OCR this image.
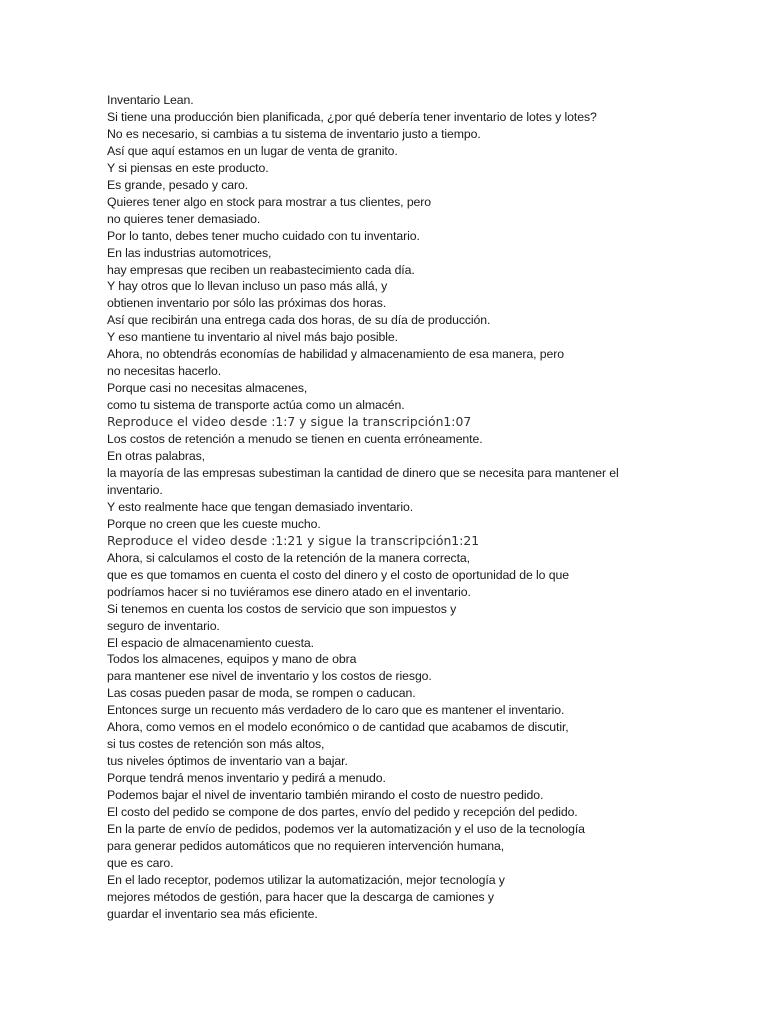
Inventario Lean.
Si tiene una producción bien planificada, ¿por qué debería tener inventario de lotes y lotes?
No es necesario, si cambias a tu sistema de inventario justo a tiempo.
Así que aquí estamos en un lugar de venta de granito.
Y si piensas en este producto.
Es grande, pesado y caro.
Quieres tener algo en stock para mostrar a tus clientes, pero
no quieres tener demasiado.
Por lo tanto, debes tener mucho cuidado con tu inventario.
En las industrias automotrices,
hay empresas que reciben un reabastecimiento cada día.
Y hay otros que lo llevan incluso un paso más allá, y
obtienen inventario por sólo las próximas dos horas.
Así que recibirán una entrega cada dos horas, de su día de producción.
Y eso mantiene tu inventario al nivel más bajo posible.
Ahora, no obtendrás economías de habilidad y almacenamiento de esa manera, pero
no necesitas hacerlo.
Porque casi no necesitas almacenes,
como tu sistema de transporte actúa como un almacén.
Reproduce el video desde :1:7 y sigue la transcripción1:07
Los costos de retención a menudo se tienen en cuenta erróneamente.
En otras palabras,
la mayoría de las empresas subestiman la cantidad de dinero que se necesita para mantener el
inventario.
Y esto realmente hace que tengan demasiado inventario.
Porque no creen que les cueste mucho.
Reproduce el video desde :1:21 y sigue la transcripción1:21
Ahora, si calculamos el costo de la retención de la manera correcta,
que es que tomamos en cuenta el costo del dinero y el costo de oportunidad de lo que
podríamos hacer si no tuviéramos ese dinero atado en el inventario.
Si tenemos en cuenta los costos de servicio que son impuestos y
seguro de inventario.
El espacio de almacenamiento cuesta.
Todos los almacenes, equipos y mano de obra
para mantener ese nivel de inventario y los costos de riesgo.
Las cosas pueden pasar de moda, se rompen o caducan.
Entonces surge un recuento más verdadero de lo caro que es mantener el inventario.
Ahora, como vemos en el modelo económico o de cantidad que acabamos de discutir,
si tus costes de retención son más altos,
tus niveles óptimos de inventario van a bajar.
Porque tendrá menos inventario y pedirá a menudo.
Podemos bajar el nivel de inventario también mirando el costo de nuestro pedido.
El costo del pedido se compone de dos partes, envío del pedido y recepción del pedido.
En la parte de envío de pedidos, podemos ver la automatización y el uso de la tecnología
para generar pedidos automáticos que no requieren intervención humana,
que es caro.
En el lado receptor, podemos utilizar la automatización, mejor tecnología y
mejores métodos de gestión, para hacer que la descarga de camiones y
guardar el inventario sea más eficiente.
